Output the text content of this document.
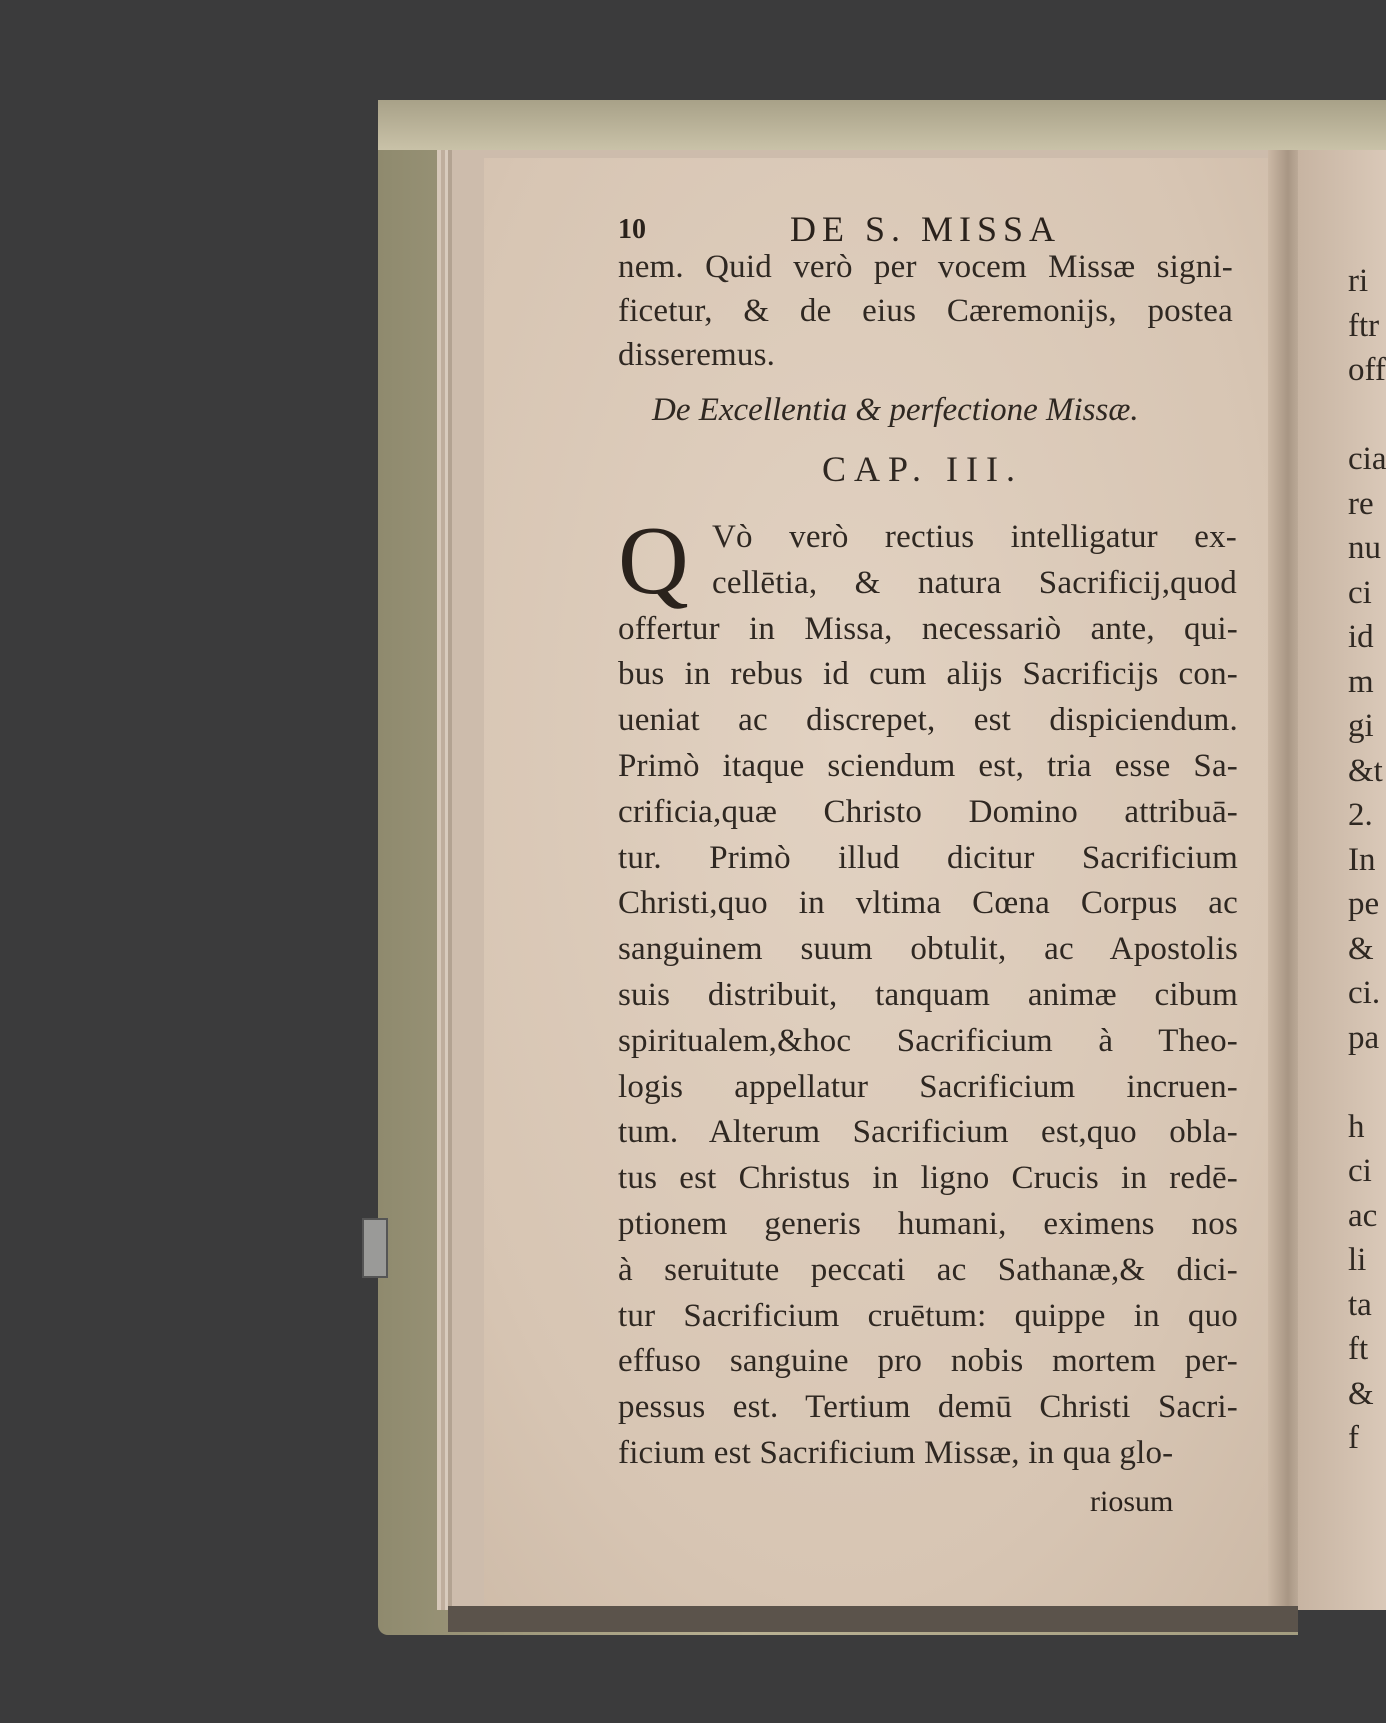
10	DE S. MISSA
nem. Quid verò per vocem Missæ signi-
ficetur, & de eius Cæremonijs, postea
disseremus.
De Excellentia & perfectione Missæ.
CAP. III.
Q Vò verò rectius intelligatur ex-
cellētia, & natura Sacrificij,quod
offertur in Missa, necessariò ante, qui-
bus in rebus id cum alijs Sacrificijs con-
ueniat ac discrepet, est dispiciendum.
Primò itaque sciendum est, tria esse Sa-
crificia,quæ Christo Domino attribuā-
tur. Primò illud dicitur Sacrificium
Christi,quo in vltima Cœna Corpus ac
sanguinem suum obtulit, ac Apostolis
suis distribuit, tanquam animæ cibum
spiritualem,&hoc Sacrificium à Theo-
logis appellatur Sacrificium incruen-
tum. Alterum Sacrificium est,quo obla-
tus est Christus in ligno Crucis in redē-
ptionem generis humani, eximens nos
à seruitute peccati ac Sathanæ,& dici-
tur Sacrificium cruētum: quippe in quo
effuso sanguine pro nobis mortem per-
pessus est. Tertium demū Christi Sacri-
ficium est Sacrificium Missæ, in qua glo-
riosum
ri
ftr
off
cia
re
nu
ci
id
m
gi
&t
2.
In
pe
&
ci.
pa
h
ci
ac
li
ta
ft
&
f
